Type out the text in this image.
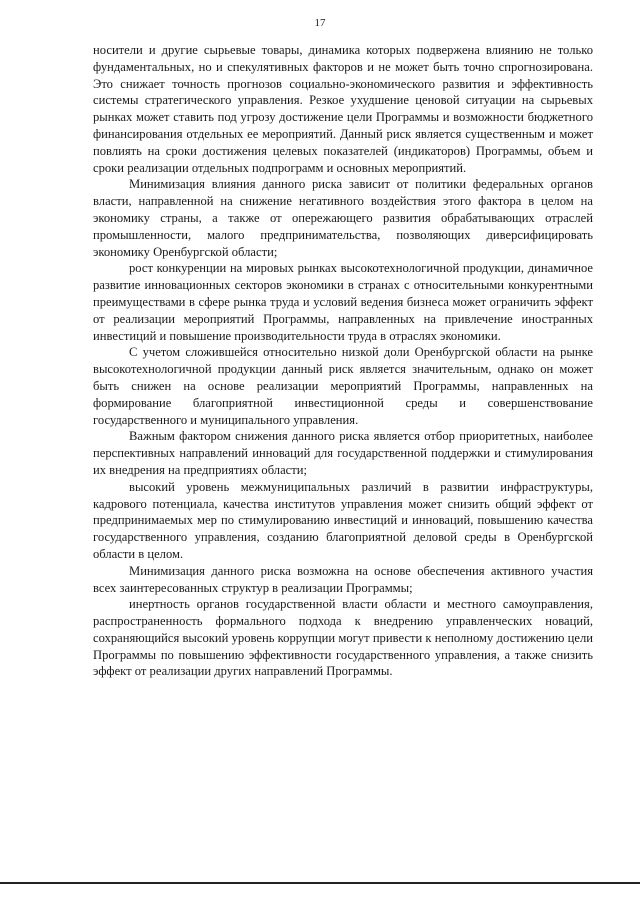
17

носители и другие сырьевые товары, динамика которых подвержена влиянию не только фундаментальных, но и спекулятивных факторов и не может быть точно спрогнозирована. Это снижает точность прогнозов социально-экономического развития и эффективность системы стратегического управления. Резкое ухудшение ценовой ситуации на сырьевых рынках может ставить под угрозу достижение цели Программы и возможности бюджетного финансирования отдельных ее мероприятий. Данный риск является существенным и может повлиять на сроки достижения целевых показателей (индикаторов) Программы, объем и сроки реализации отдельных подпрограмм и основных мероприятий.

Минимизация влияния данного риска зависит от политики федеральных органов власти, направленной на снижение негативного воздействия этого фактора в целом на экономику страны, а также от опережающего развития обрабатывающих отраслей промышленности, малого предпринимательства, позволяющих диверсифицировать экономику Оренбургской области;

рост конкуренции на мировых рынках высокотехнологичной продукции, динамичное развитие инновационных секторов экономики в странах с относительными конкурентными преимуществами в сфере рынка труда и условий ведения бизнеса может ограничить эффект от реализации мероприятий Программы, направленных на привлечение иностранных инвестиций и повышение производительности труда в отраслях экономики.

С учетом сложившейся относительно низкой доли Оренбургской области на рынке высокотехнологичной продукции данный риск является значительным, однако он может быть снижен на основе реализации мероприятий Программы, направленных на формирование благоприятной инвестиционной среды и совершенствование государственного и муниципального управления.

Важным фактором снижения данного риска является отбор приоритетных, наиболее перспективных направлений инноваций для государственной поддержки и стимулирования их внедрения на предприятиях области;

высокий уровень межмуниципальных различий в развитии инфраструктуры, кадрового потенциала, качества институтов управления может снизить общий эффект от предпринимаемых мер по стимулированию инвестиций и инноваций, повышению качества государственного управления, созданию благоприятной деловой среды в Оренбургской области в целом.

Минимизация данного риска возможна на основе обеспечения активного участия всех заинтересованных структур в реализации Программы;

инертность органов государственной власти области и местного самоуправления, распространенность формального подхода к внедрению управленческих новаций, сохраняющийся высокий уровень коррупции могут привести к неполному достижению цели Программы по повышению эффективности государственного управления, а также снизить эффект от реализации других направлений Программы.
